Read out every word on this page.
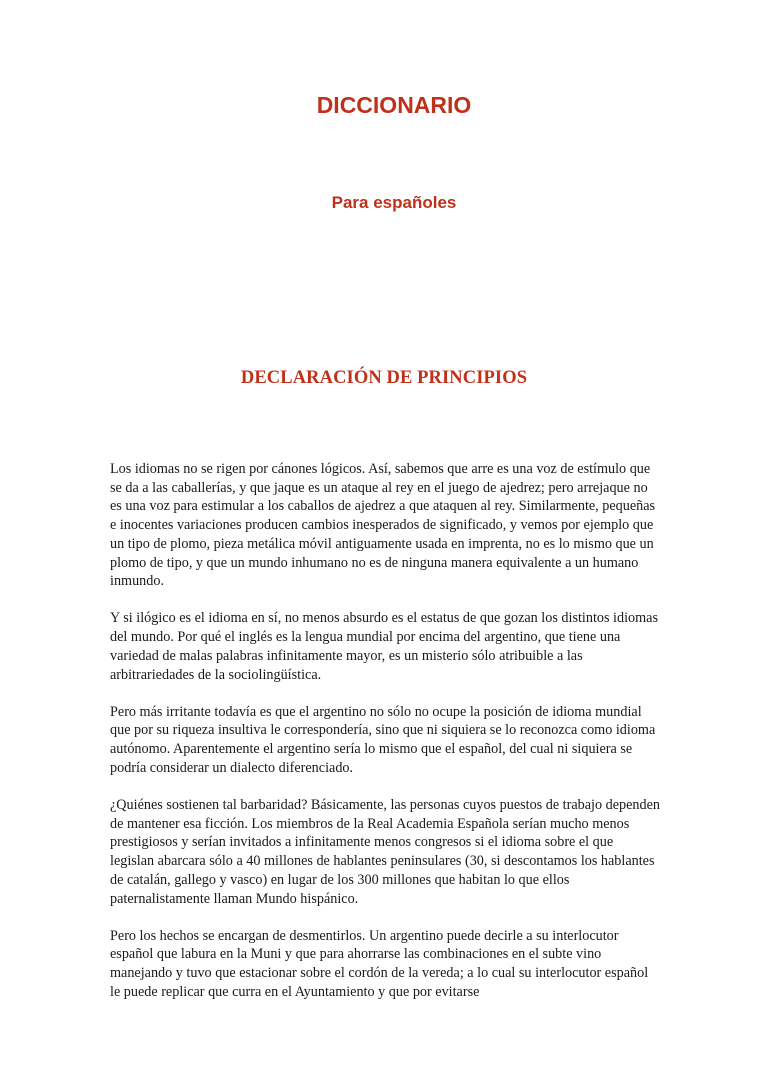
DICCIONARIO
Para españoles
DECLARACIÓN DE PRINCIPIOS

Los idiomas no se rigen por cánones lógicos. Así, sabemos que arre es una voz de estímulo que se da a las caballerías, y que jaque es un ataque al rey en el juego de ajedrez; pero arrejaque no es una voz para estimular a los caballos de ajedrez a que ataquen al rey. Similarmente, pequeñas e inocentes variaciones producen cambios inesperados de significado, y vemos por ejemplo que un tipo de plomo, pieza metálica móvil antiguamente usada en imprenta, no es lo mismo que un plomo de tipo, y que un mundo inhumano no es de ninguna manera equivalente a un humano inmundo.

Y si ilógico es el idioma en sí, no menos absurdo es el estatus de que gozan los distintos idiomas del mundo. Por qué el inglés es la lengua mundial por encima del argentino, que tiene una variedad de malas palabras infinitamente mayor, es un misterio sólo atribuible a las arbitrariedades de la sociolingüística.

Pero más irritante todavía es que el argentino no sólo no ocupe la posición de idioma mundial que por su riqueza insultiva le correspondería, sino que ni siquiera se lo reconozca como idioma autónomo. Aparentemente el argentino sería lo mismo que el español, del cual ni siquiera se podría considerar un dialecto diferenciado.

¿Quiénes sostienen tal barbaridad? Básicamente, las personas cuyos puestos de trabajo dependen de mantener esa ficción. Los miembros de la Real Academia Española serían mucho menos prestigiosos y serían invitados a infinitamente menos congresos si el idioma sobre el que legislan abarcara sólo a 40 millones de hablantes peninsulares (30, si descontamos los hablantes de catalán, gallego y vasco) en lugar de los 300 millones que habitan lo que ellos paternalistamente llaman Mundo hispánico.

Pero los hechos se encargan de desmentirlos. Un argentino puede decirle a su interlocutor español que labura en la Muni y que para ahorrarse las combinaciones en el subte vino manejando y tuvo que estacionar sobre el cordón de la vereda; a lo cual su interlocutor español le puede replicar que curra en el Ayuntamiento y que por evitarse
